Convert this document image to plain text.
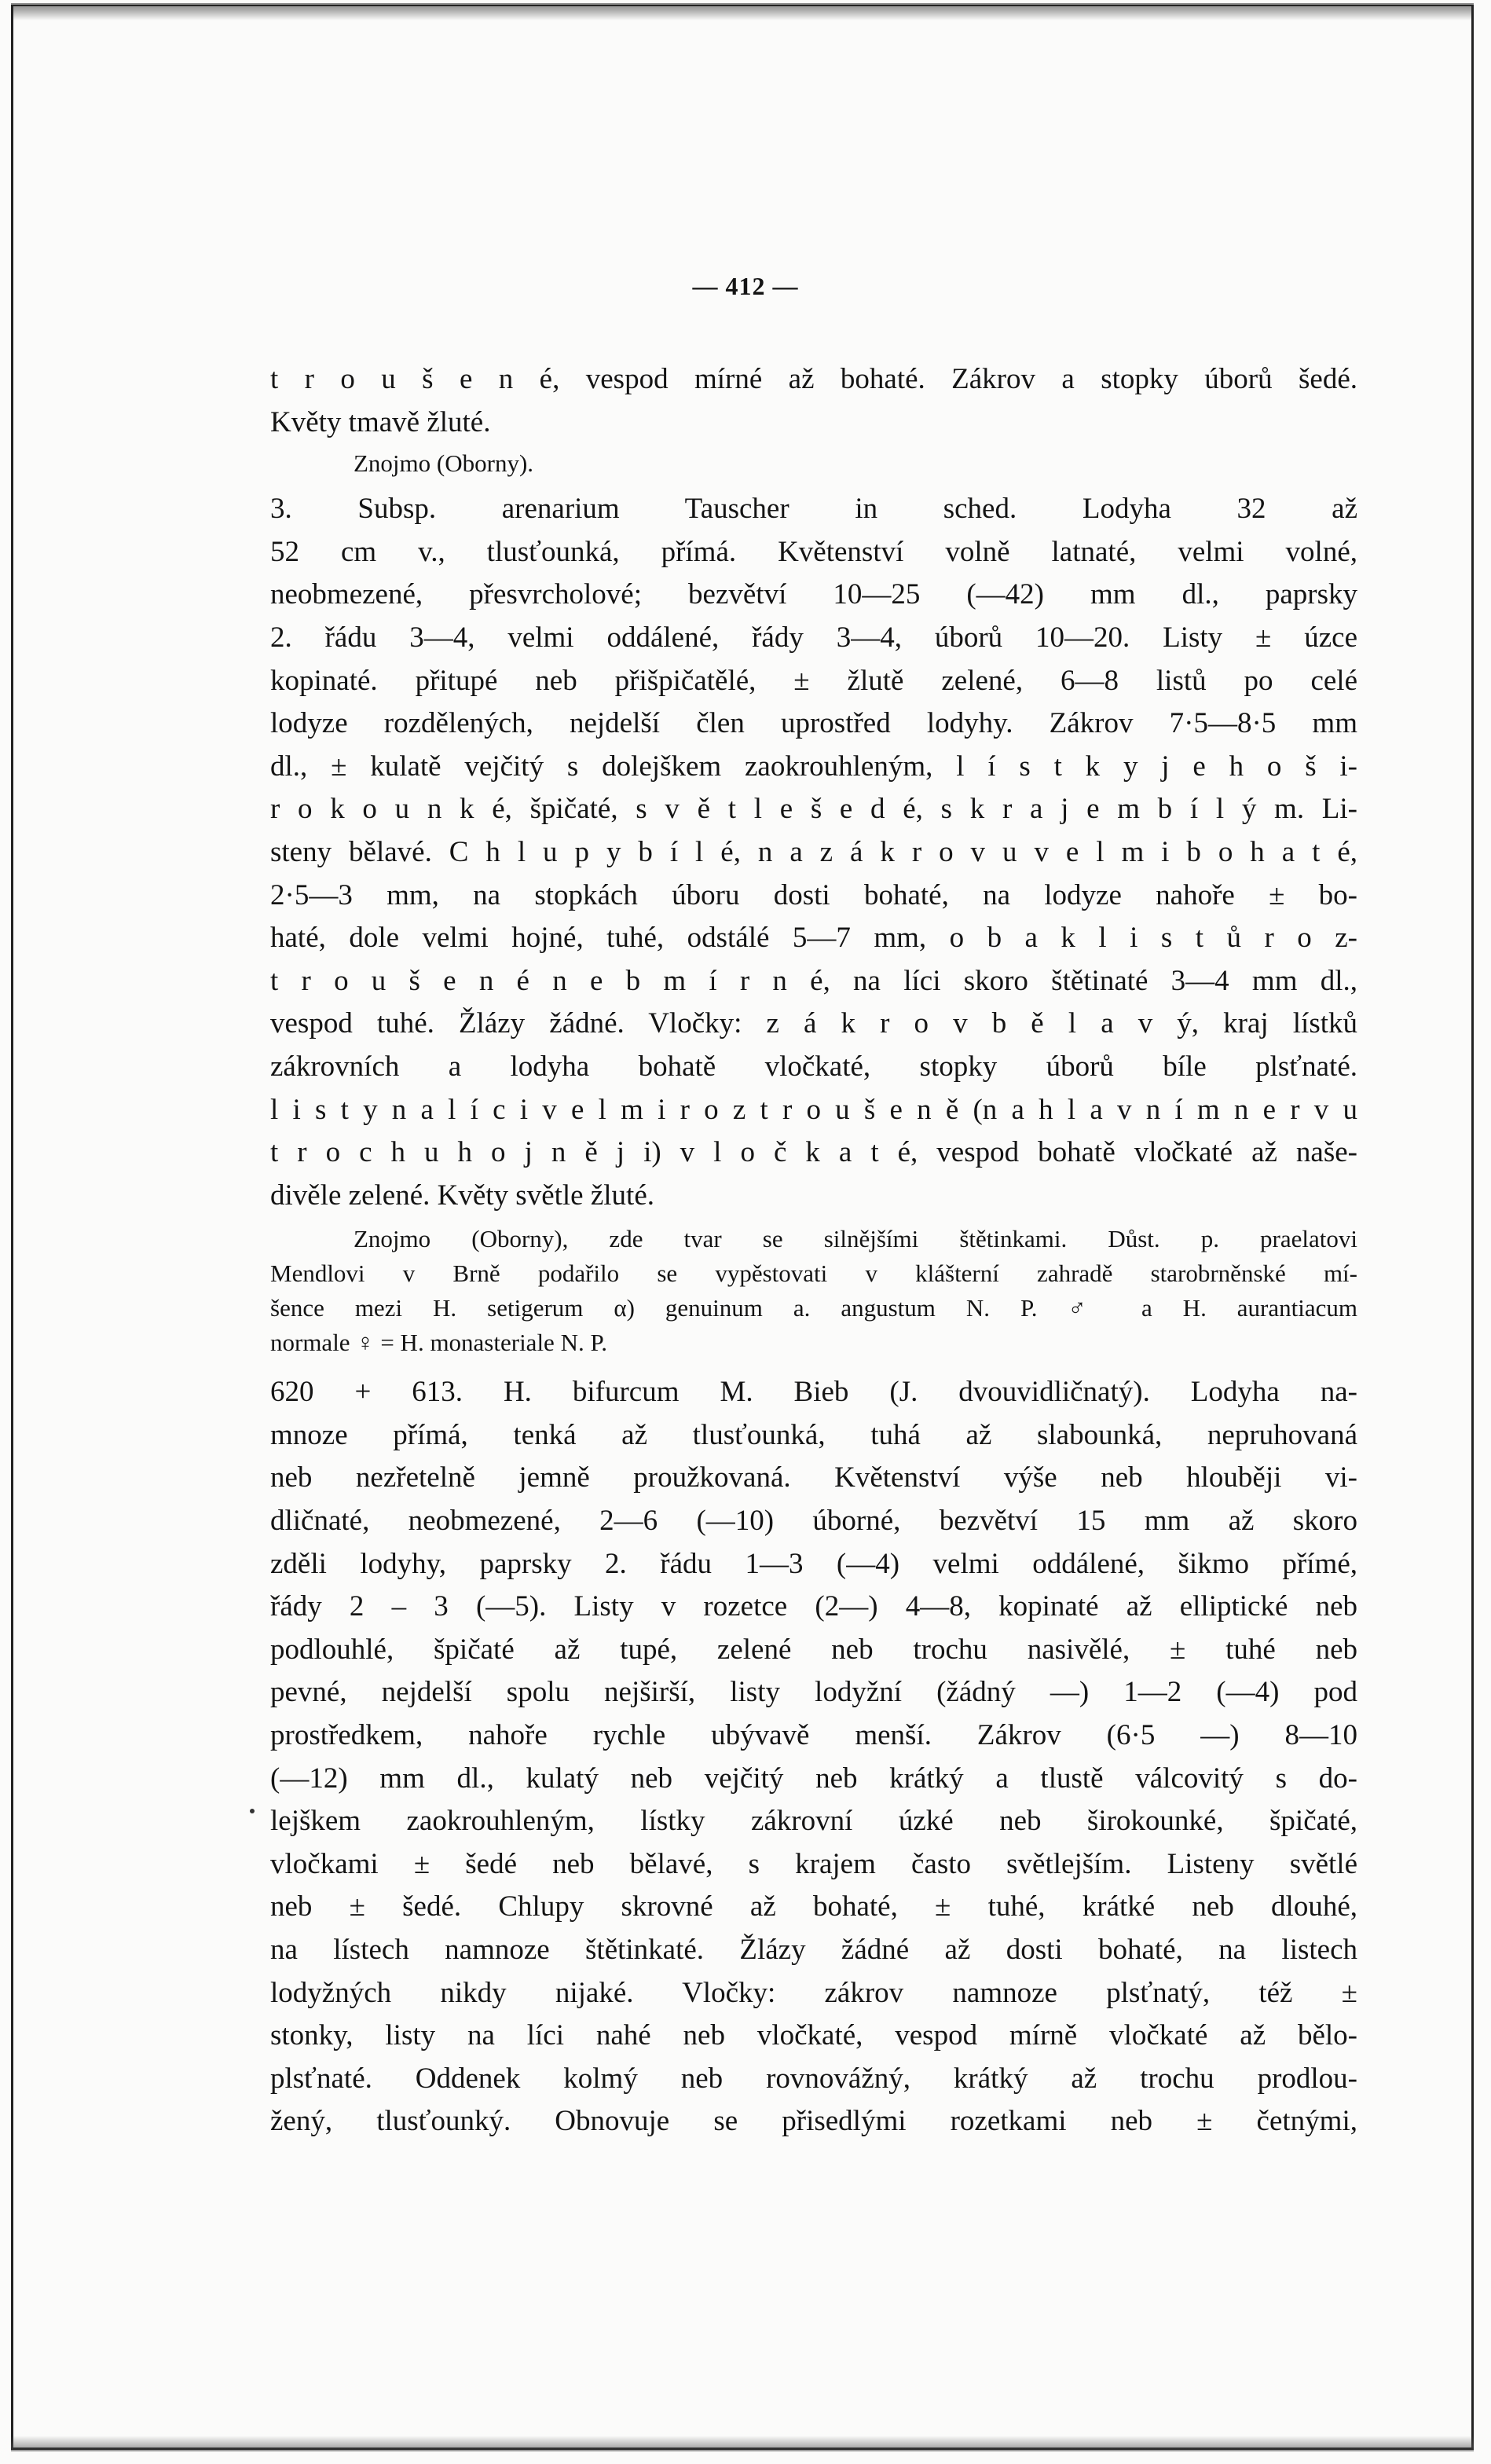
— 412 —
t r o u š e n é, vespod mírné až bohaté. Zákrov a stopky úborů šedé.
Květy tmavě žluté.
Znojmo (Oborny).
3. Subsp. arenarium Tauscher in sched. Lodyha 32 až
52 cm v., tlusťounká, přímá. Květenství volně latnaté, velmi volné,
neobmezené, přesvrcholové; bezvětví 10—25 (—42) mm dl., paprsky
2. řádu 3—4, velmi oddálené, řády 3—4, úborů 10—20. Listy ± úzce
kopinaté. přitupé neb přišpičatělé, ± žlutě zelené, 6—8 listů po celé
lodyze rozdělených, nejdelší člen uprostřed lodyhy. Zákrov 7·5—8·5 mm
dl., ± kulatě vejčitý s dolejškem zaokrouhleným, l í s t k y j e h o š i-
r o k o u n k é, špičaté, s v ě t l e š e d é, s k r a j e m b í l ý m. Li-
steny bělavé. C h l u p y b í l é, n a z á k r o v u v e l m i b o h a t é,
2·5—3 mm, na stopkách úboru dosti bohaté, na lodyze nahoře ± bo-
haté, dole velmi hojné, tuhé, odstálé 5—7 mm, o b a k l i s t ů r o z-
t r o u š e n é n e b m í r n é, na líci skoro štětinaté 3—4 mm dl.,
vespod tuhé. Žlázy žádné. Vločky: z á k r o v b ě l a v ý, kraj lístků
zákrovních a lodyha bohatě vločkaté, stopky úborů bíle plsťnaté.
l i s t y n a l í c i v e l m i r o z t r o u š e n ě (n a h l a v n í m n e r v u
t r o c h u h o j n ě j i) v l o č k a t é, vespod bohatě vločkaté až naše-
divěle zelené. Květy světle žluté.
Znojmo (Oborny), zde tvar se silnějšími štětinkami. Důst. p. praelatovi
Mendlovi v Brně podařilo se vypěstovati v klášterní zahradě starobrněnské mí-
šence mezi H. setigerum α) genuinum a. angustum N. P. ♂ a H. aurantiacum
normale ♀ = H. monasteriale N. P.
620 + 613. H. bifurcum M. Bieb (J. dvouvidličnatý). Lodyha na-
mnoze přímá, tenká až tlusťounká, tuhá až slabounká, nepruhovaná
neb nezřetelně jemně proužkovaná. Květenství výše neb hlouběji vi-
dličnaté, neobmezené, 2—6 (—10) úborné, bezvětví 15 mm až skoro
zděli lodyhy, paprsky 2. řádu 1—3 (—4) velmi oddálené, šikmo přímé,
řády 2 – 3 (—5). Listy v rozetce (2—) 4—8, kopinaté až elliptické neb
podlouhlé, špičaté až tupé, zelené neb trochu nasivělé, ± tuhé neb
pevné, nejdelší spolu nejširší, listy lodyžní (žádný —) 1—2 (—4) pod
prostředkem, nahoře rychle ubývavě menší. Zákrov (6·5 —) 8—10
(—12) mm dl., kulatý neb vejčitý neb krátký a tlustě válcovitý s do-
lejškem zaokrouhleným, lístky zákrovní úzké neb širokounké, špičaté,
vločkami ± šedé neb bělavé, s krajem často světlejším. Listeny světlé
neb ± šedé. Chlupy skrovné až bohaté, ± tuhé, krátké neb dlouhé,
na lístech namnoze štětinkaté. Žlázy žádné až dosti bohaté, na listech
lodyžných nikdy nijaké. Vločky: zákrov namnoze plsťnatý, též ±
stonky, listy na líci nahé neb vločkaté, vespod mírně vločkaté až bělo-
plsťnaté. Oddenek kolmý neb rovnovážný, krátký až trochu prodlou-
žený, tlusťounký. Obnovuje se přisedlými rozetkami neb ± četnými,
